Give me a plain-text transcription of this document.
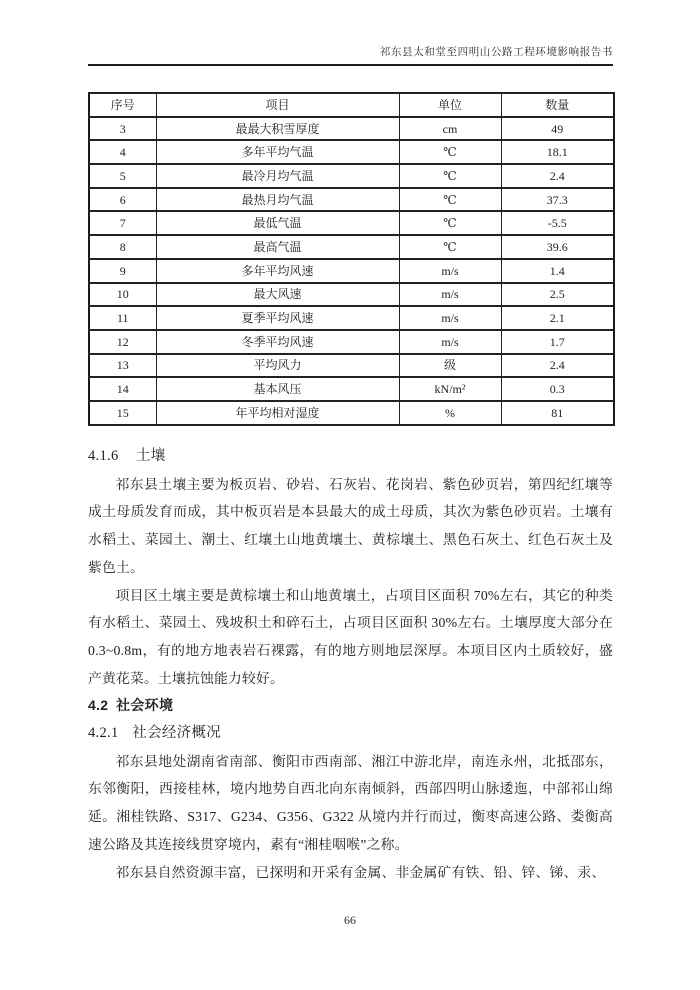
祁东县太和堂至四明山公路工程环境影响报告书
序号	项目	单位	数量
3	最最大积雪厚度	cm	49
4	多年平均气温	℃	18.1
5	最冷月均气温	℃	2.4
6	最热月均气温	℃	37.3
7	最低气温	℃	-5.5
8	最高气温	℃	39.6
9	多年平均风速	m/s	1.4
10	最大风速	m/s	2.5
11	夏季平均风速	m/s	2.1
12	冬季平均风速	m/s	1.7
13	平均风力	级	2.4
14	基本风压	kN/m²	0.3
15	年平均相对湿度	%	81
4.1.6 土壤

祁东县土壤主要为板页岩、砂岩、石灰岩、花岗岩、紫色砂页岩，第四纪红壤等成土母质发育而成，其中板页岩是本县最大的成土母质，其次为紫色砂页岩。土壤有水稻土、菜园土、潮土、红壤土山地黄壤土、黄棕壤土、黑色石灰土、红色石灰土及紫色土。

项目区土壤主要是黄棕壤土和山地黄壤土，占项目区面积 70%左右，其它的种类有水稻土、菜园土、残坡积土和碎石土，占项目区面积 30%左右。土壤厚度大部分在 0.3~0.8m，有的地方地表岩石裸露，有的地方则地层深厚。本项目区内土质较好，盛产黄花菜。土壤抗蚀能力较好。

4.2 社会环境
4.2.1 社会经济概况

祁东县地处湖南省南部、衡阳市西南部、湘江中游北岸，南连永州，北抵邵东，东邻衡阳，西接桂林，境内地势自西北向东南倾斜，西部四明山脉逶迤，中部祁山绵延。湘桂铁路、S317、G234、G356、G322 从境内并行而过，衡枣高速公路、娄衡高速公路及其连接线贯穿境内，素有“湘桂咽喉”之称。

祁东县自然资源丰富，已探明和开采有金属、非金属矿有铁、铅、锌、锑、汞、

66
